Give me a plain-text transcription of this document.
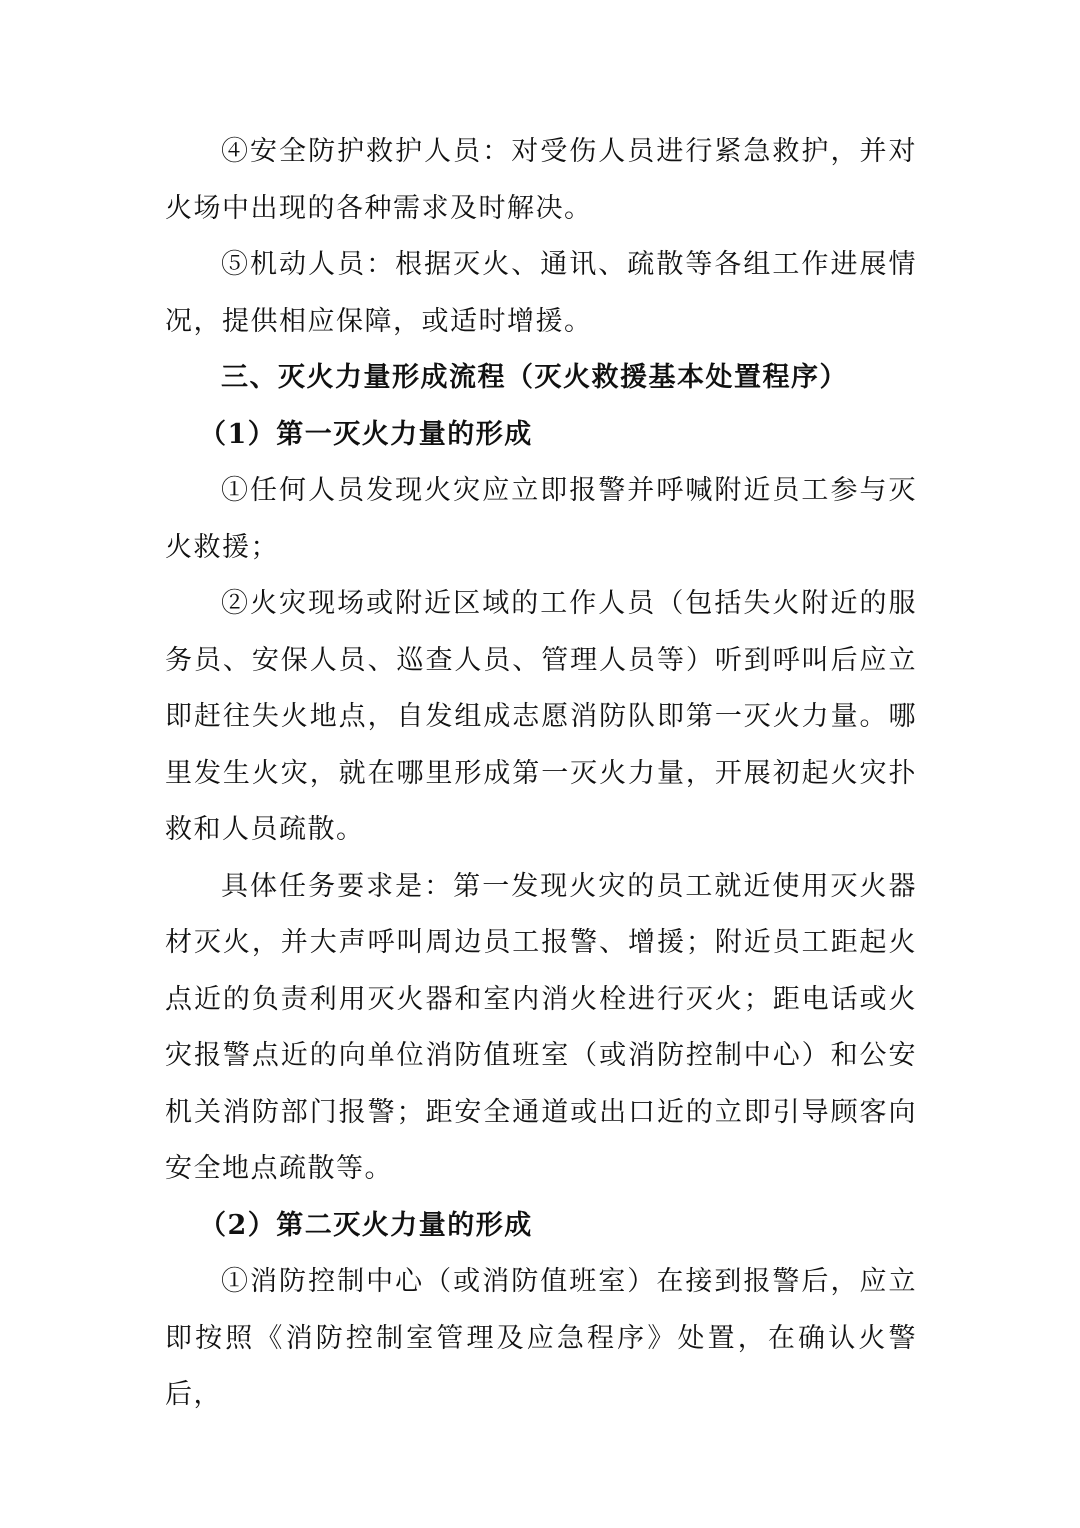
④安全防护救护人员：对受伤人员进行紧急救护，并对火场中出现的各种需求及时解决。

⑤机动人员：根据灭火、通讯、疏散等各组工作进展情况，提供相应保障，或适时增援。

三、灭火力量形成流程（灭火救援基本处置程序）

（1）第一灭火力量的形成

①任何人员发现火灾应立即报警并呼喊附近员工参与灭火救援；

②火灾现场或附近区域的工作人员（包括失火附近的服务员、安保人员、巡查人员、管理人员等）听到呼叫后应立即赶往失火地点，自发组成志愿消防队即第一灭火力量。哪里发生火灾，就在哪里形成第一灭火力量，开展初起火灾扑救和人员疏散。

具体任务要求是：第一发现火灾的员工就近使用灭火器材灭火，并大声呼叫周边员工报警、增援；附近员工距起火点近的负责利用灭火器和室内消火栓进行灭火；距电话或火灾报警点近的向单位消防值班室（或消防控制中心）和公安机关消防部门报警；距安全通道或出口近的立即引导顾客向安全地点疏散等。

（2）第二灭火力量的形成

①消防控制中心（或消防值班室）在接到报警后，应立即按照《消防控制室管理及应急程序》处置，在确认火警后，
